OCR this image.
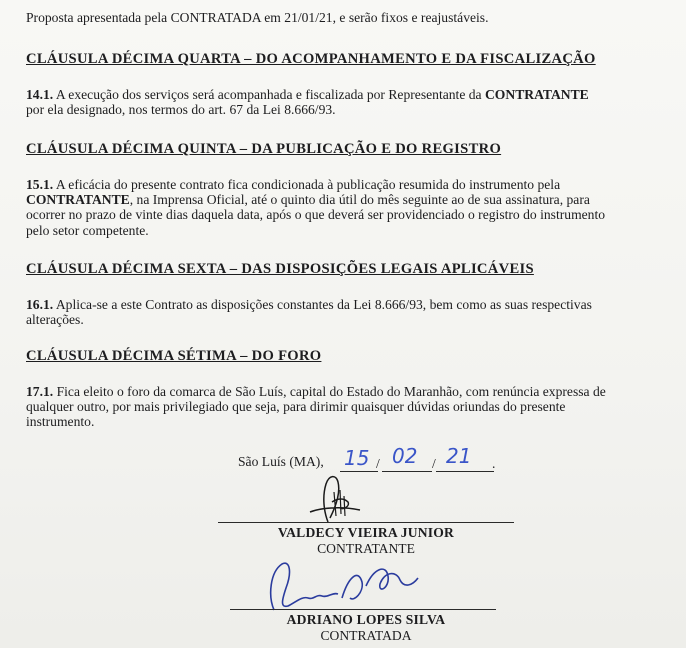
Proposta apresentada pela CONTRATADA em 21/01/21, e serão fixos e reajustáveis.
CLÁUSULA DÉCIMA QUARTA – DO ACOMPANHAMENTO E DA FISCALIZAÇÃO
14.1. A execução dos serviços será acompanhada e fiscalizada por Representante da CONTRATANTE
por ela designado, nos termos do art. 67 da Lei 8.666/93.
CLÁUSULA DÉCIMA QUINTA – DA PUBLICAÇÃO E DO REGISTRO
15.1. A eficácia do presente contrato fica condicionada à publicação resumida do instrumento pela
CONTRATANTE, na Imprensa Oficial, até o quinto dia útil do mês seguinte ao de sua assinatura, para
ocorrer no prazo de vinte dias daquela data, após o que deverá ser providenciado o registro do instrumento
pelo setor competente.
CLÁUSULA DÉCIMA SEXTA – DAS DISPOSIÇÕES LEGAIS APLICÁVEIS
16.1. Aplica-se a este Contrato as disposições constantes da Lei 8.666/93, bem como as suas respectivas
alterações.
CLÁUSULA DÉCIMA SÉTIMA – DO FORO
17.1. Fica eleito o foro da comarca de São Luís, capital do Estado do Maranhão, com renúncia expressa de
qualquer outro, por mais privilegiado que seja, para dirimir quaisquer dúvidas oriundas do presente
instrumento.
São Luís (MA),	15 / 02 / 21 .
VALDECY VIEIRA JUNIOR
CONTRATANTE
ADRIANO LOPES SILVA
CONTRATADA
